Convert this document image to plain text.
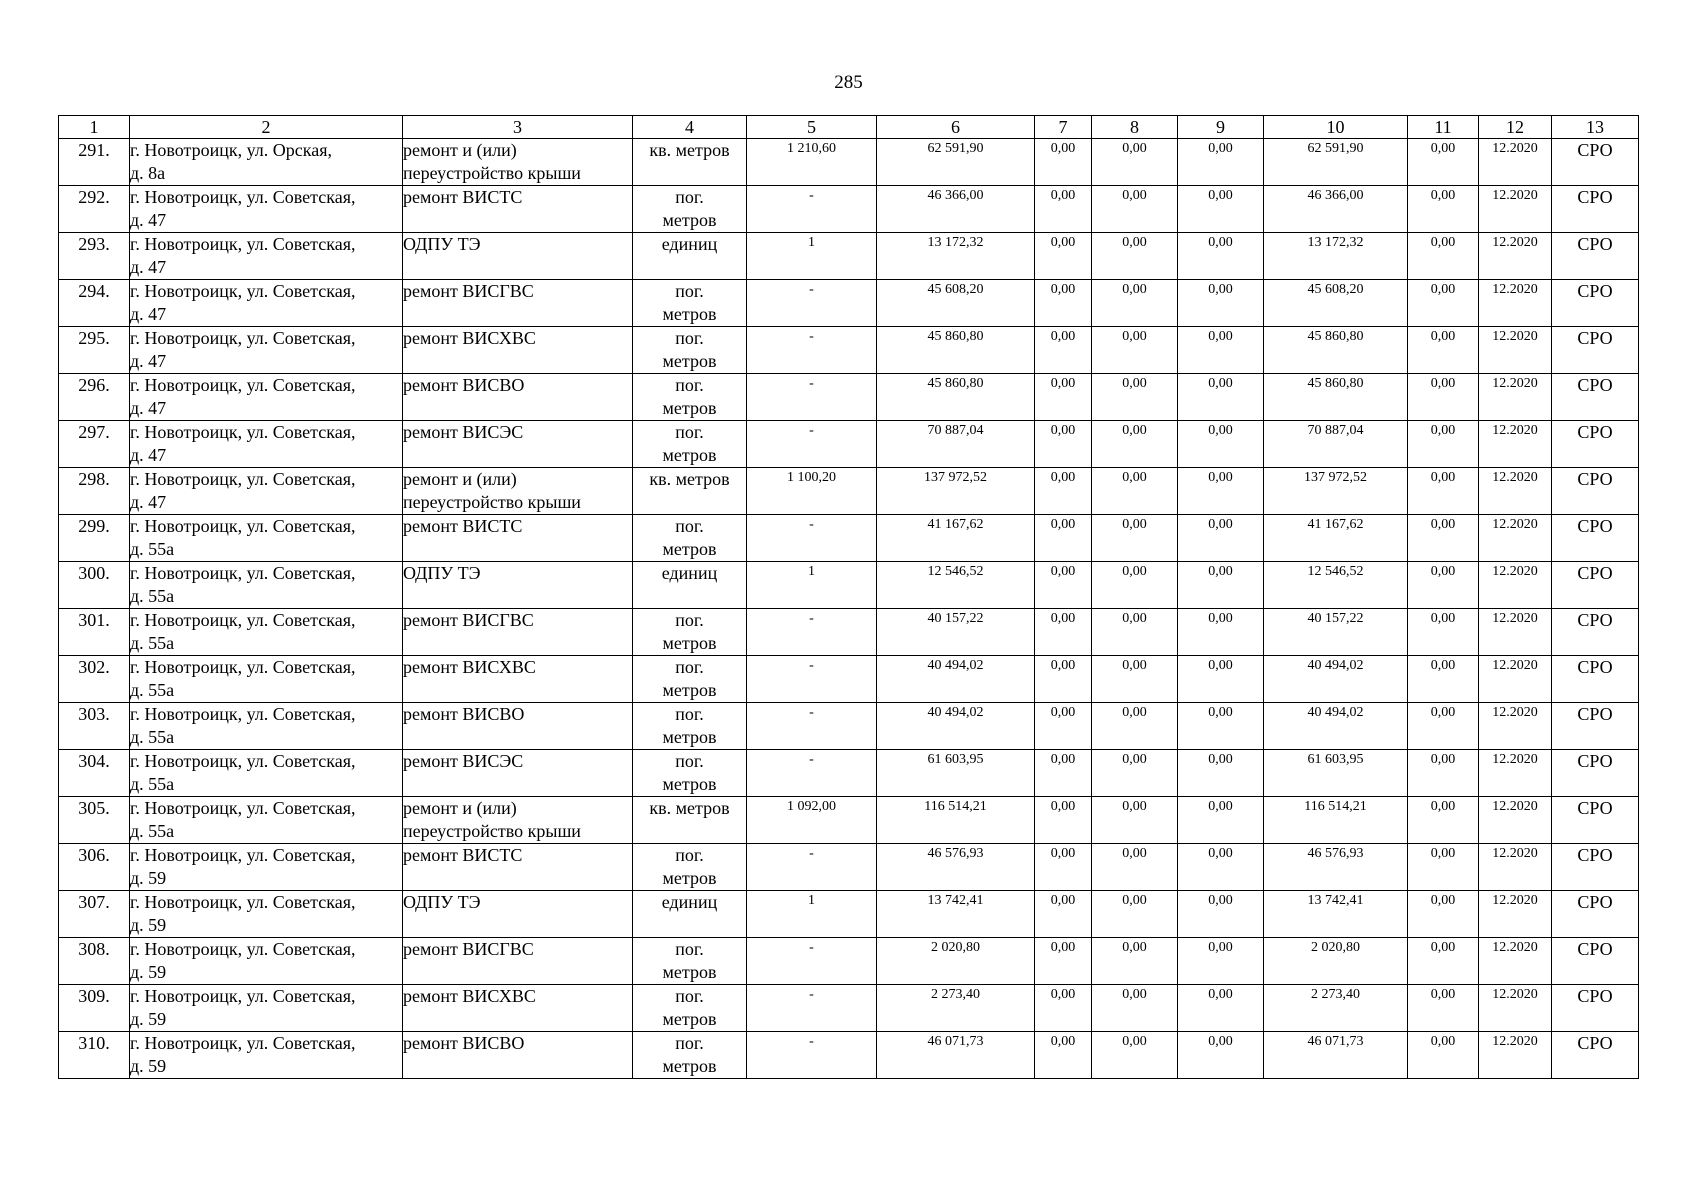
285
1	2	3	4	5	6	7	8	9	10	11	12	13

291.	г. Новотроицк, ул. Орская,
д. 8а	ремонт и (или)
переустройство крыши	кв. метров	1 210,60	62 591,90	0,00	0,00	0,00	62 591,90	0,00	12.2020	СРО

292.	г. Новотроицк, ул. Советская,
д. 47	ремонт ВИСТС	пог.
метров	-	46 366,00	0,00	0,00	0,00	46 366,00	0,00	12.2020	СРО

293.	г. Новотроицк, ул. Советская,
д. 47	ОДПУ ТЭ	единиц	1	13 172,32	0,00	0,00	0,00	13 172,32	0,00	12.2020	СРО

294.	г. Новотроицк, ул. Советская,
д. 47	ремонт ВИСГВС	пог.
метров	-	45 608,20	0,00	0,00	0,00	45 608,20	0,00	12.2020	СРО

295.	г. Новотроицк, ул. Советская,
д. 47	ремонт ВИСХВС	пог.
метров	-	45 860,80	0,00	0,00	0,00	45 860,80	0,00	12.2020	СРО

296.	г. Новотроицк, ул. Советская,
д. 47	ремонт ВИСВО	пог.
метров	-	45 860,80	0,00	0,00	0,00	45 860,80	0,00	12.2020	СРО

297.	г. Новотроицк, ул. Советская,
д. 47	ремонт ВИСЭС	пог.
метров	-	70 887,04	0,00	0,00	0,00	70 887,04	0,00	12.2020	СРО

298.	г. Новотроицк, ул. Советская,
д. 47	ремонт и (или)
переустройство крыши	кв. метров	1 100,20	137 972,52	0,00	0,00	0,00	137 972,52	0,00	12.2020	СРО

299.	г. Новотроицк, ул. Советская,
д. 55а	ремонт ВИСТС	пог.
метров	-	41 167,62	0,00	0,00	0,00	41 167,62	0,00	12.2020	СРО

300.	г. Новотроицк, ул. Советская,
д. 55а	ОДПУ ТЭ	единиц	1	12 546,52	0,00	0,00	0,00	12 546,52	0,00	12.2020	СРО

301.	г. Новотроицк, ул. Советская,
д. 55а	ремонт ВИСГВС	пог.
метров	-	40 157,22	0,00	0,00	0,00	40 157,22	0,00	12.2020	СРО

302.	г. Новотроицк, ул. Советская,
д. 55а	ремонт ВИСХВС	пог.
метров	-	40 494,02	0,00	0,00	0,00	40 494,02	0,00	12.2020	СРО

303.	г. Новотроицк, ул. Советская,
д. 55а	ремонт ВИСВО	пог.
метров	-	40 494,02	0,00	0,00	0,00	40 494,02	0,00	12.2020	СРО

304.	г. Новотроицк, ул. Советская,
д. 55а	ремонт ВИСЭС	пог.
метров	-	61 603,95	0,00	0,00	0,00	61 603,95	0,00	12.2020	СРО

305.	г. Новотроицк, ул. Советская,
д. 55а	ремонт и (или)
переустройство крыши	кв. метров	1 092,00	116 514,21	0,00	0,00	0,00	116 514,21	0,00	12.2020	СРО

306.	г. Новотроицк, ул. Советская,
д. 59	ремонт ВИСТС	пог.
метров	-	46 576,93	0,00	0,00	0,00	46 576,93	0,00	12.2020	СРО

307.	г. Новотроицк, ул. Советская,
д. 59	ОДПУ ТЭ	единиц	1	13 742,41	0,00	0,00	0,00	13 742,41	0,00	12.2020	СРО

308.	г. Новотроицк, ул. Советская,
д. 59	ремонт ВИСГВС	пог.
метров	-	2 020,80	0,00	0,00	0,00	2 020,80	0,00	12.2020	СРО

309.	г. Новотроицк, ул. Советская,
д. 59	ремонт ВИСХВС	пог.
метров	-	2 273,40	0,00	0,00	0,00	2 273,40	0,00	12.2020	СРО

310.	г. Новотроицк, ул. Советская,
д. 59	ремонт ВИСВО	пог.
метров	-	46 071,73	0,00	0,00	0,00	46 071,73	0,00	12.2020	СРО
